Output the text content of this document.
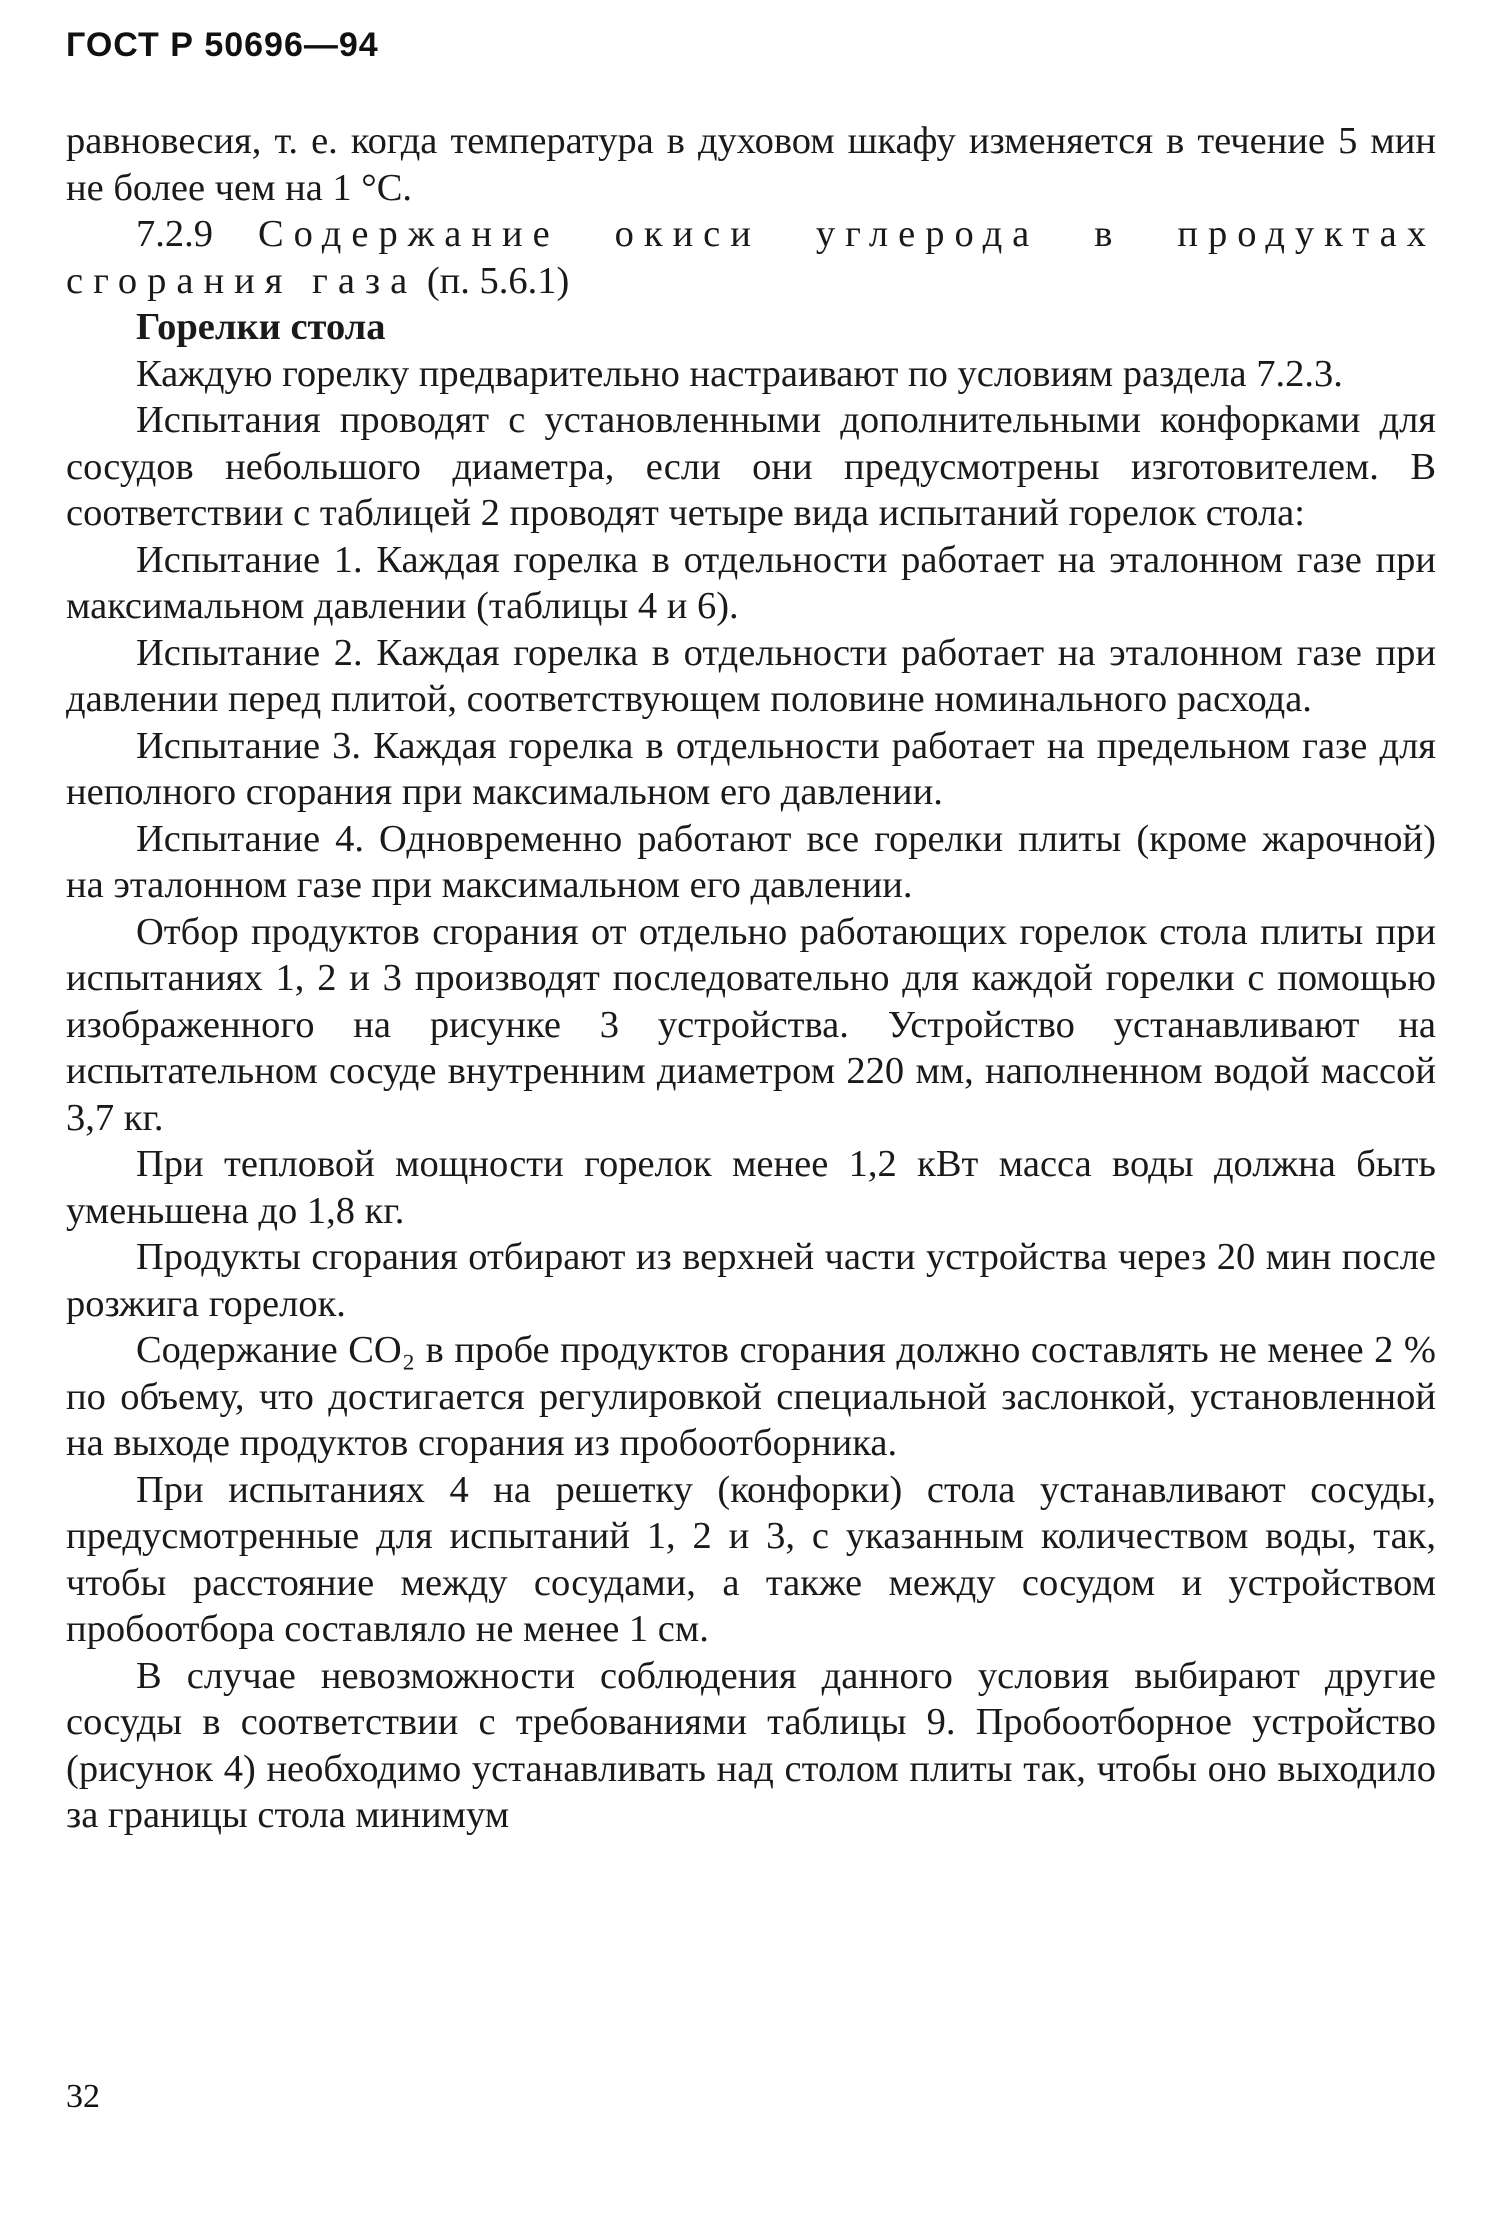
ГОСТ Р 50696—94

равновесия, т. е. когда температура в духовом шкафу изменяется в течение 5 мин не более чем на 1 °С.

7.2.9 Содержание окиси углерода в продуктах сгорания газа (п. 5.6.1)

Горелки стола

Каждую горелку предварительно настраивают по условиям раздела 7.2.3.

Испытания проводят с установленными дополнительными конфорками для сосудов небольшого диаметра, если они предусмотрены изготовителем. В соответствии с таблицей 2 проводят четыре вида испытаний горелок стола:

Испытание 1. Каждая горелка в отдельности работает на эталонном газе при максимальном давлении (таблицы 4 и 6).

Испытание 2. Каждая горелка в отдельности работает на эталонном газе при давлении перед плитой, соответствующем половине номинального расхода.

Испытание 3. Каждая горелка в отдельности работает на предельном газе для неполного сгорания при максимальном его давлении.

Испытание 4. Одновременно работают все горелки плиты (кроме жарочной) на эталонном газе при максимальном его давлении.

Отбор продуктов сгорания от отдельно работающих горелок стола плиты при испытаниях 1, 2 и 3 производят последовательно для каждой горелки с помощью изображенного на рисунке 3 устройства. Устройство устанавливают на испытательном сосуде внутренним диаметром 220 мм, наполненном водой массой 3,7 кг.

При тепловой мощности горелок менее 1,2 кВт масса воды должна быть уменьшена до 1,8 кг.

Продукты сгорания отбирают из верхней части устройства через 20 мин после розжига горелок.

Содержание СО₂ в пробе продуктов сгорания должно составлять не менее 2 % по объему, что достигается регулировкой специальной заслонкой, установленной на выходе продуктов сгорания из пробоотборника.

При испытаниях 4 на решетку (конфорки) стола устанавливают сосуды, предусмотренные для испытаний 1, 2 и 3, с указанным количеством воды, так, чтобы расстояние между сосудами, а также между сосудом и устройством пробоотбора составляло не менее 1 см.

В случае невозможности соблюдения данного условия выбирают другие сосуды в соответствии с требованиями таблицы 9. Пробоотборное устройство (рисунок 4) необходимо устанавливать над столом плиты так, чтобы оно выходило за границы стола минимум

32
